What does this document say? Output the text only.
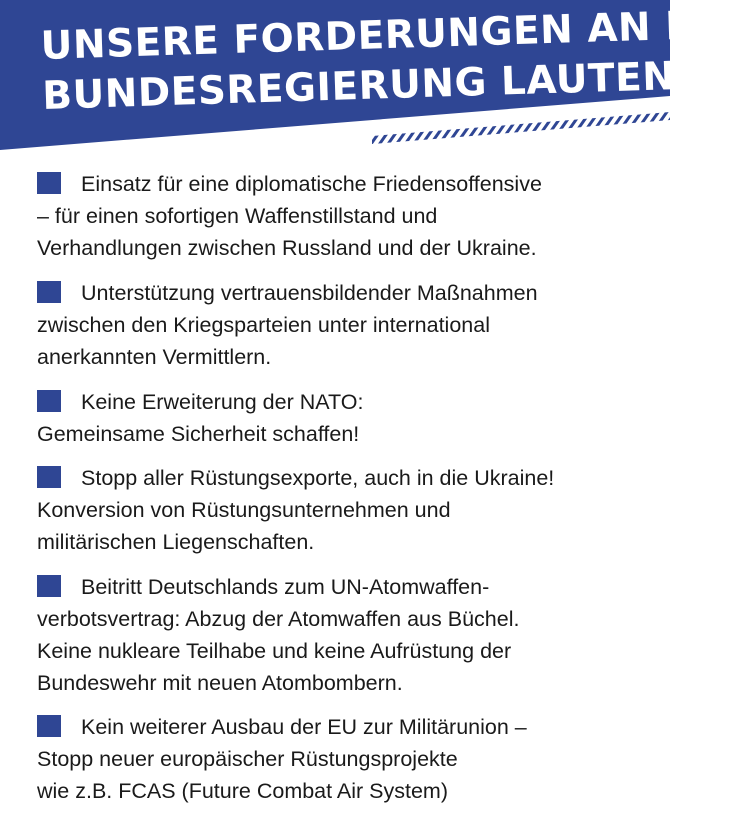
UNSERE FORDERUNGEN AN DIE
BUNDESREGIERUNG LAUTEN:

Einsatz für eine diplomatische Friedensoffensive

– für einen sofortigen Waffenstillstand und

Verhandlungen zwischen Russland und der Ukraine.

Unterstützung vertrauensbildender Maßnahmen

zwischen den Kriegsparteien unter international

anerkannten Vermittlern.

Keine Erweiterung der NATO:

Gemeinsame Sicherheit schaffen!

Stopp aller Rüstungsexporte, auch in die Ukraine!

Konversion von Rüstungsunternehmen und

militärischen Liegenschaften.

Beitritt Deutschlands zum UN-Atomwaffen-

verbotsvertrag: Abzug der Atomwaffen aus Büchel.

Keine nukleare Teilhabe und keine Aufrüstung der

Bundeswehr mit neuen Atombombern.

Kein weiterer Ausbau der EU zur Militärunion –

Stopp neuer europäischer Rüstungsprojekte

wie z.B. FCAS (Future Combat Air System)
